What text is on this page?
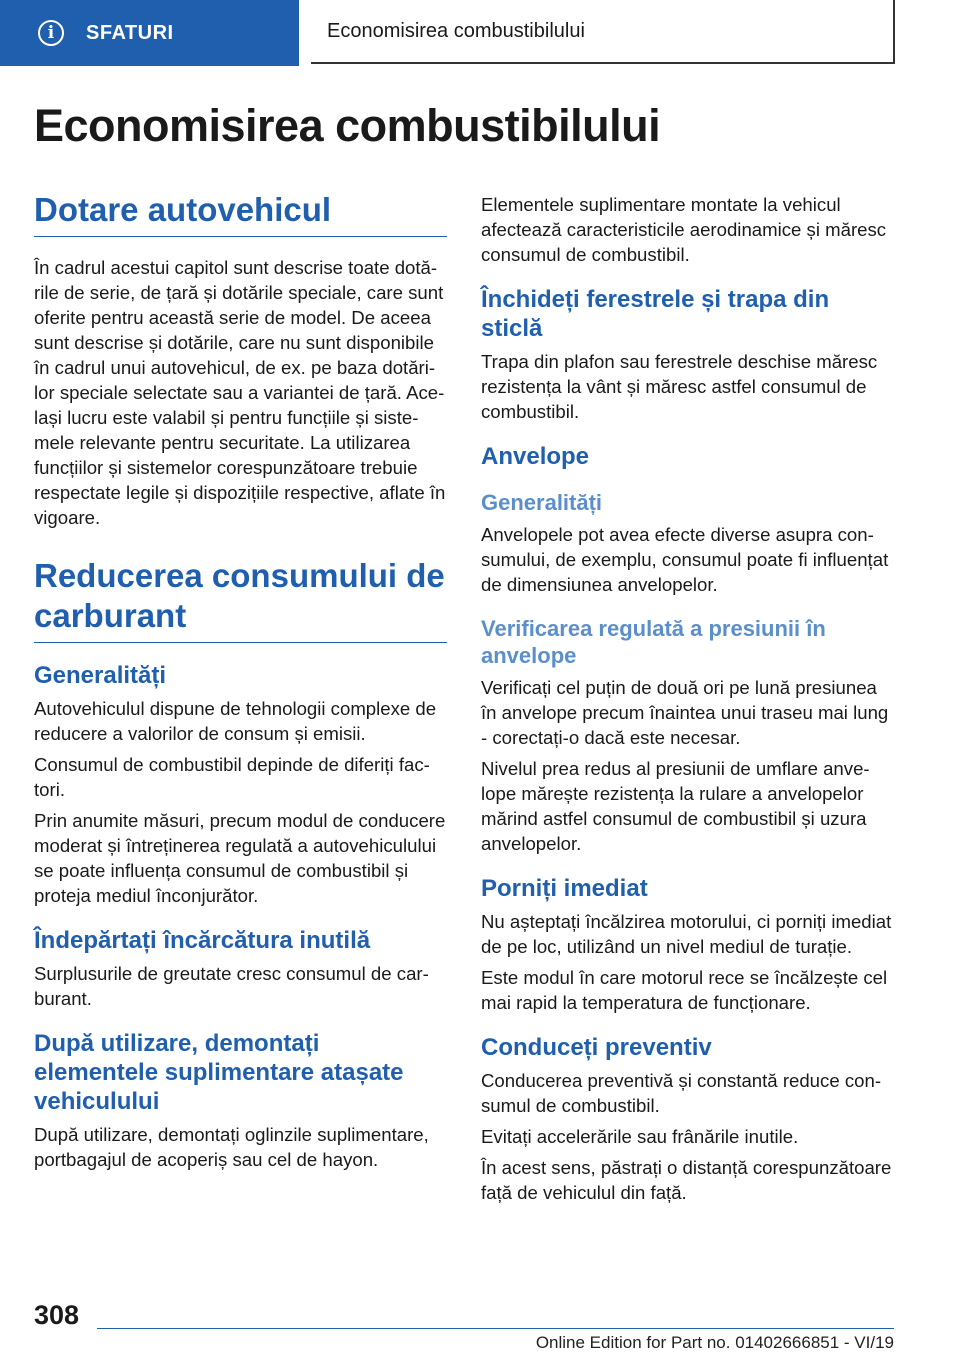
i SFATURI	Economisirea combustibilului
Economisirea combustibilului
Dotare autovehicul

În cadrul acestui capitol sunt descrise toate dotările de serie, de țară și dotările speciale, care sunt oferite pentru această serie de model. De aceea sunt descrise și dotările, care nu sunt disponibile în cadrul unui autovehicul, de ex. pe baza dotărilor speciale selectate sau a variantei de țară. Același lucru este valabil și pentru funcțiile și sistemele relevante pentru securitate. La utilizarea funcțiilor și sistemelor corespunzătoare trebuie respectate legile și dispozițiile respective, aflate în vigoare.

Reducerea consumului de carburant
Generalități

Autovehiculul dispune de tehnologii complexe de reducere a valorilor de consum și emisii.

Consumul de combustibil depinde de diferiți factori.

Prin anumite măsuri, precum modul de conducere moderat și întreținerea regulată a autovehiculului se poate influența consumul de combustibil și proteja mediul înconjurător.

Îndepărtați încărcătura inutilă

Surplusurile de greutate cresc consumul de carburant.

După utilizare, demontați elementele suplimentare atașate vehiculului

După utilizare, demontați oglinzile suplimentare, portbagajul de acoperiș sau cel de hayon.

Elementele suplimentare montate la vehicul afectează caracteristicile aerodinamice și măresc consumul de combustibil.

Închideți ferestrele și trapa din sticlă

Trapa din plafon sau ferestrele deschise măresc rezistența la vânt și măresc astfel consumul de combustibil.

Anvelope
Generalități

Anvelopele pot avea efecte diverse asupra consumului, de exemplu, consumul poate fi influențat de dimensiunea anvelopelor.

Verificarea regulată a presiunii în anvelope

Verificați cel puțin de două ori pe lună presiunea în anvelope precum înaintea unui traseu mai lung - corectați-o dacă este necesar.

Nivelul prea redus al presiunii de umflare anvelope mărește rezistența la rulare a anvelopelor mărind astfel consumul de combustibil și uzura anvelopelor.

Porniți imediat

Nu așteptați încălzirea motorului, ci porniți imediat de pe loc, utilizând un nivel mediul de turație.

Este modul în care motorul rece se încălzește cel mai rapid la temperatura de funcționare.

Conduceți preventiv

Conducerea preventivă și constantă reduce consumul de combustibil.

Evitați accelerările sau frânările inutile.

În acest sens, păstrați o distanță corespunzătoare față de vehiculul din față.

308
Online Edition for Part no. 01402666851 - VI/19
